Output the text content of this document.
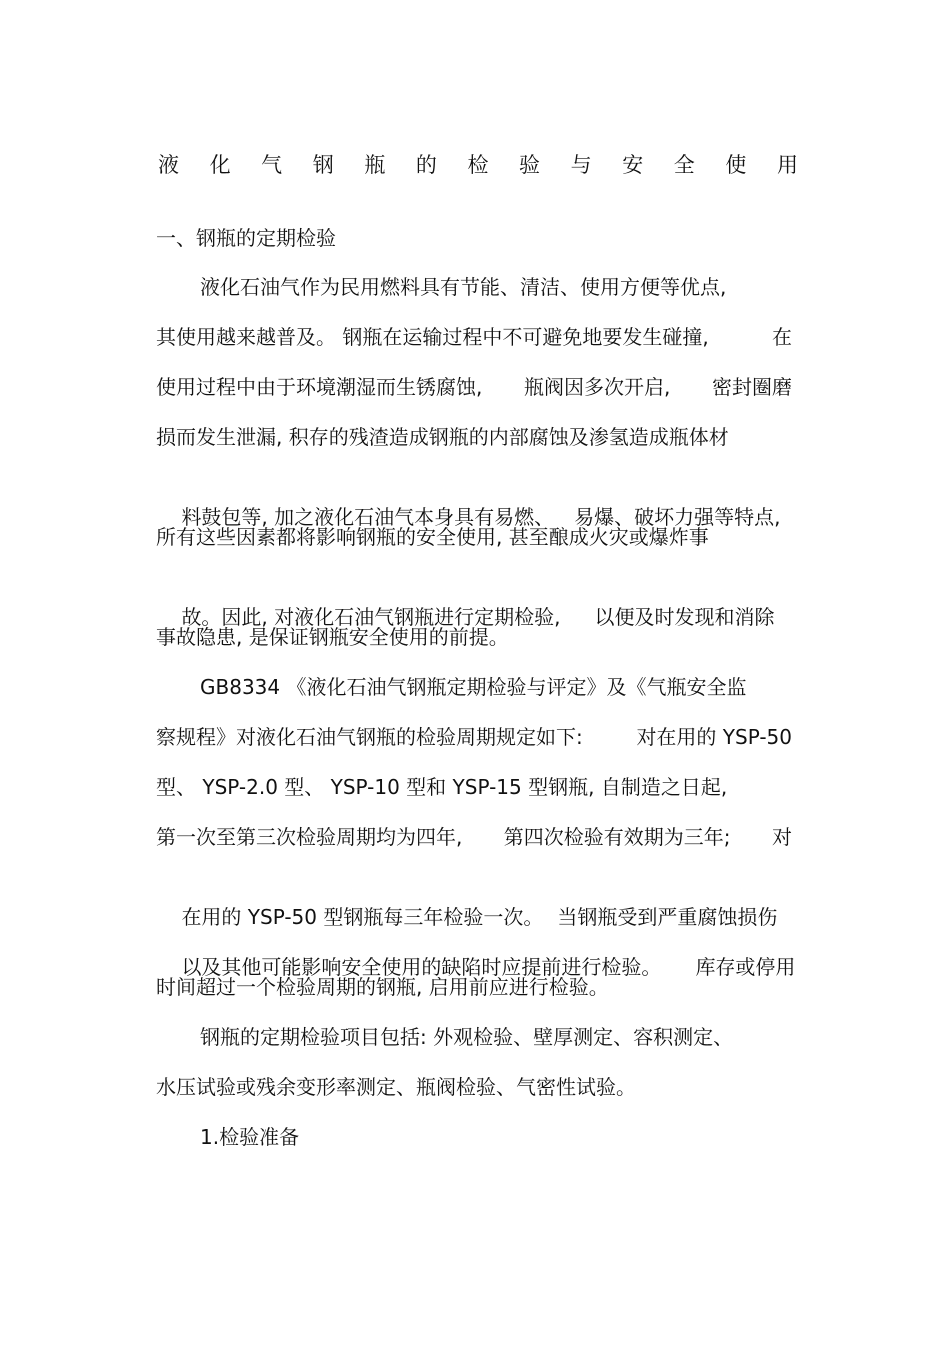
液 化 气 钢 瓶 的 检 验 与 安 全 使 用
一、钢瓶的定期检验
液化石油气作为民用燃料具有节能、清洁、使用方便等优点,
其使用越来越普及。 钢瓶在运输过程中不可避免地要发生碰撞,	在
使用过程中由于环境潮湿而生锈腐蚀, 瓶阀因多次开启, 密封圈磨
损而发生泄漏, 积存的残渣造成钢瓶的内部腐蚀及渗氢造成瓶体材

料鼓包等, 加之液化石油气本身具有易燃、 易爆、破坏力强等特点,

所有这些因素都将影响钢瓶的安全使用, 甚至酿成火灾或爆炸事

故。因此, 对液化石油气钢瓶进行定期检验, 以便及时发现和消除

事故隐患, 是保证钢瓶安全使用的前提。
GB8334 《液化石油气钢瓶定期检验与评定》及《气瓶安全监
察规程》对液化石油气钢瓶的检验周期规定如下:	对在用的 YSP-50
型、 YSP-2.0 型、 YSP-10 型和 YSP-15 型钢瓶, 自制造之日起,
第一次至第三次检验周期均为四年, 第四次检验有效期为三年; 对

在用的 YSP-50 型钢瓶每三年检验一次。 当钢瓶受到严重腐蚀损伤

以及其他可能影响安全使用的缺陷时应提前进行检验。 库存或停用

时间超过一个检验周期的钢瓶, 启用前应进行检验。
钢瓶的定期检验项目包括: 外观检验、壁厚测定、容积测定、
水压试验或残余变形率测定、瓶阀检验、气密性试验。
1.检验准备
